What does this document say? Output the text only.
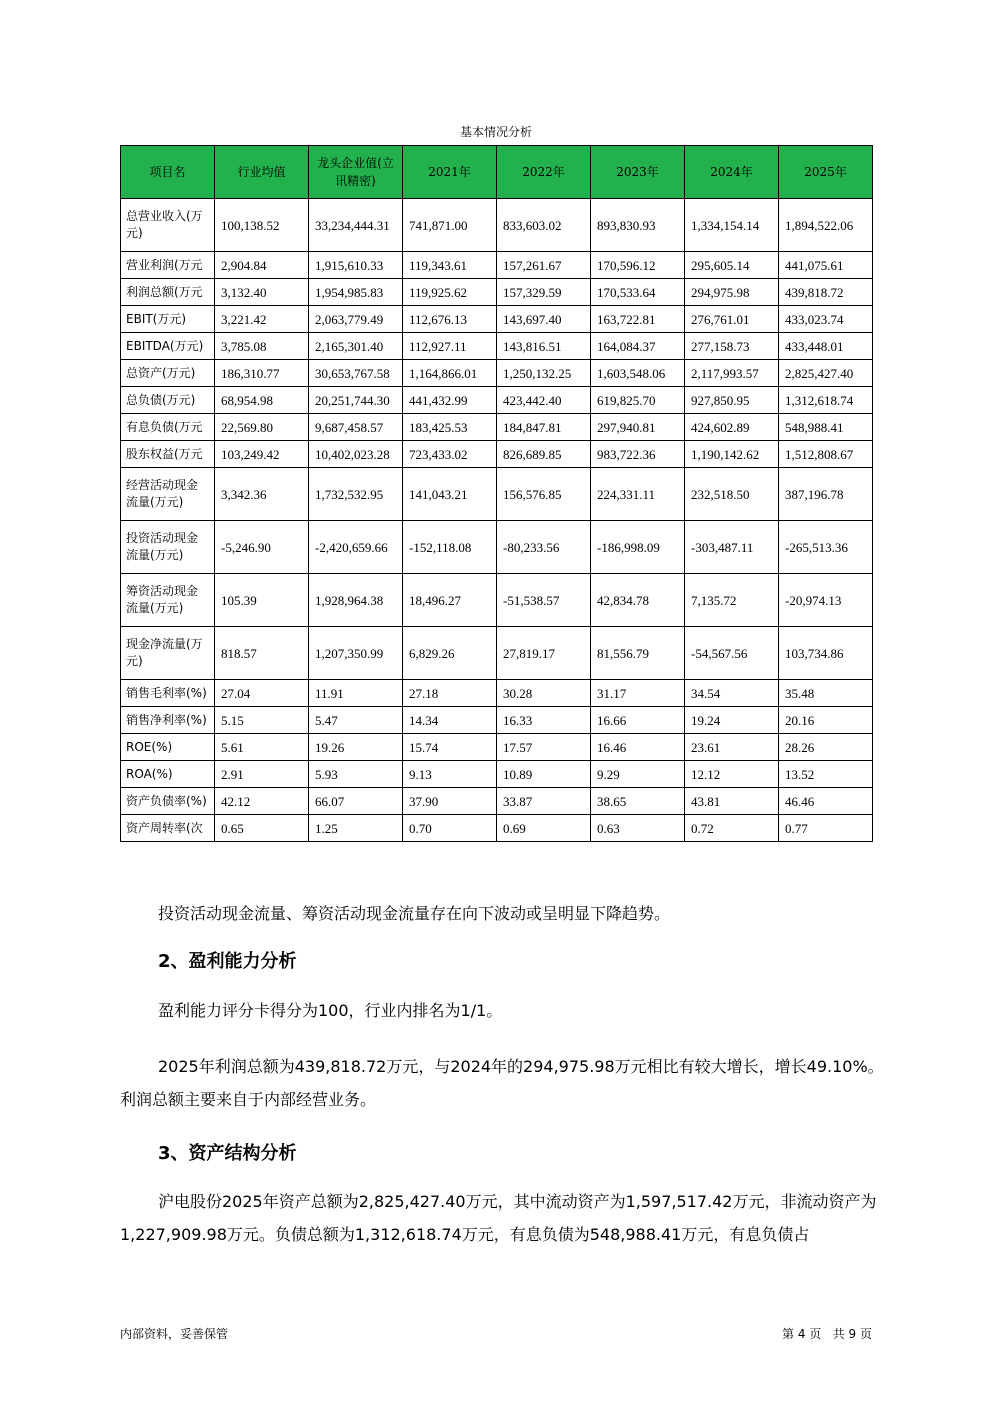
基本情况分析
项目名	行业均值	龙头企业值(立讯精密)	2021年	2022年	2023年	2024年	2025年
总营业收入(万元)	100,138.52	33,234,444.31	741,871.00	833,603.02	893,830.93	1,334,154.14	1,894,522.06
营业利润(万元	2,904.84	1,915,610.33	119,343.61	157,261.67	170,596.12	295,605.14	441,075.61
利润总额(万元	3,132.40	1,954,985.83	119,925.62	157,329.59	170,533.64	294,975.98	439,818.72
EBIT(万元)	3,221.42	2,063,779.49	112,676.13	143,697.40	163,722.81	276,761.01	433,023.74
EBITDA(万元)	3,785.08	2,165,301.40	112,927.11	143,816.51	164,084.37	277,158.73	433,448.01
总资产(万元)	186,310.77	30,653,767.58	1,164,866.01	1,250,132.25	1,603,548.06	2,117,993.57	2,825,427.40
总负债(万元)	68,954.98	20,251,744.30	441,432.99	423,442.40	619,825.70	927,850.95	1,312,618.74
有息负债(万元	22,569.80	9,687,458.57	183,425.53	184,847.81	297,940.81	424,602.89	548,988.41
股东权益(万元	103,249.42	10,402,023.28	723,433.02	826,689.85	983,722.36	1,190,142.62	1,512,808.67
经营活动现金流量(万元)	3,342.36	1,732,532.95	141,043.21	156,576.85	224,331.11	232,518.50	387,196.78
投资活动现金流量(万元)	-5,246.90	-2,420,659.66	-152,118.08	-80,233.56	-186,998.09	-303,487.11	-265,513.36
筹资活动现金流量(万元)	105.39	1,928,964.38	18,496.27	-51,538.57	42,834.78	7,135.72	-20,974.13
现金净流量(万元)	818.57	1,207,350.99	6,829.26	27,819.17	81,556.79	-54,567.56	103,734.86
销售毛利率(%)	27.04	11.91	27.18	30.28	31.17	34.54	35.48
销售净利率(%)	5.15	5.47	14.34	16.33	16.66	19.24	20.16
ROE(%)	5.61	19.26	15.74	17.57	16.46	23.61	28.26
ROA(%)	2.91	5.93	9.13	10.89	9.29	12.12	13.52
资产负债率(%)	42.12	66.07	37.90	33.87	38.65	43.81	46.46
资产周转率(次	0.65	1.25	0.70	0.69	0.63	0.72	0.77

投资活动现金流量、筹资活动现金流量存在向下波动或呈明显下降趋势。

2、盈利能力分析

盈利能力评分卡得分为100，行业内排名为1/1。

2025年利润总额为439,818.72万元，与2024年的294,975.98万元相比有较大增长，增长49.10%。利润总额主要来自于内部经营业务。

3、资产结构分析

沪电股份2025年资产总额为2,825,427.40万元，其中流动资产为1,597,517.42万元，非流动资产为1,227,909.98万元。负债总额为1,312,618.74万元，有息负债为548,988.41万元，有息负债占

内部资料，妥善保管	第 4 页   共 9 页
